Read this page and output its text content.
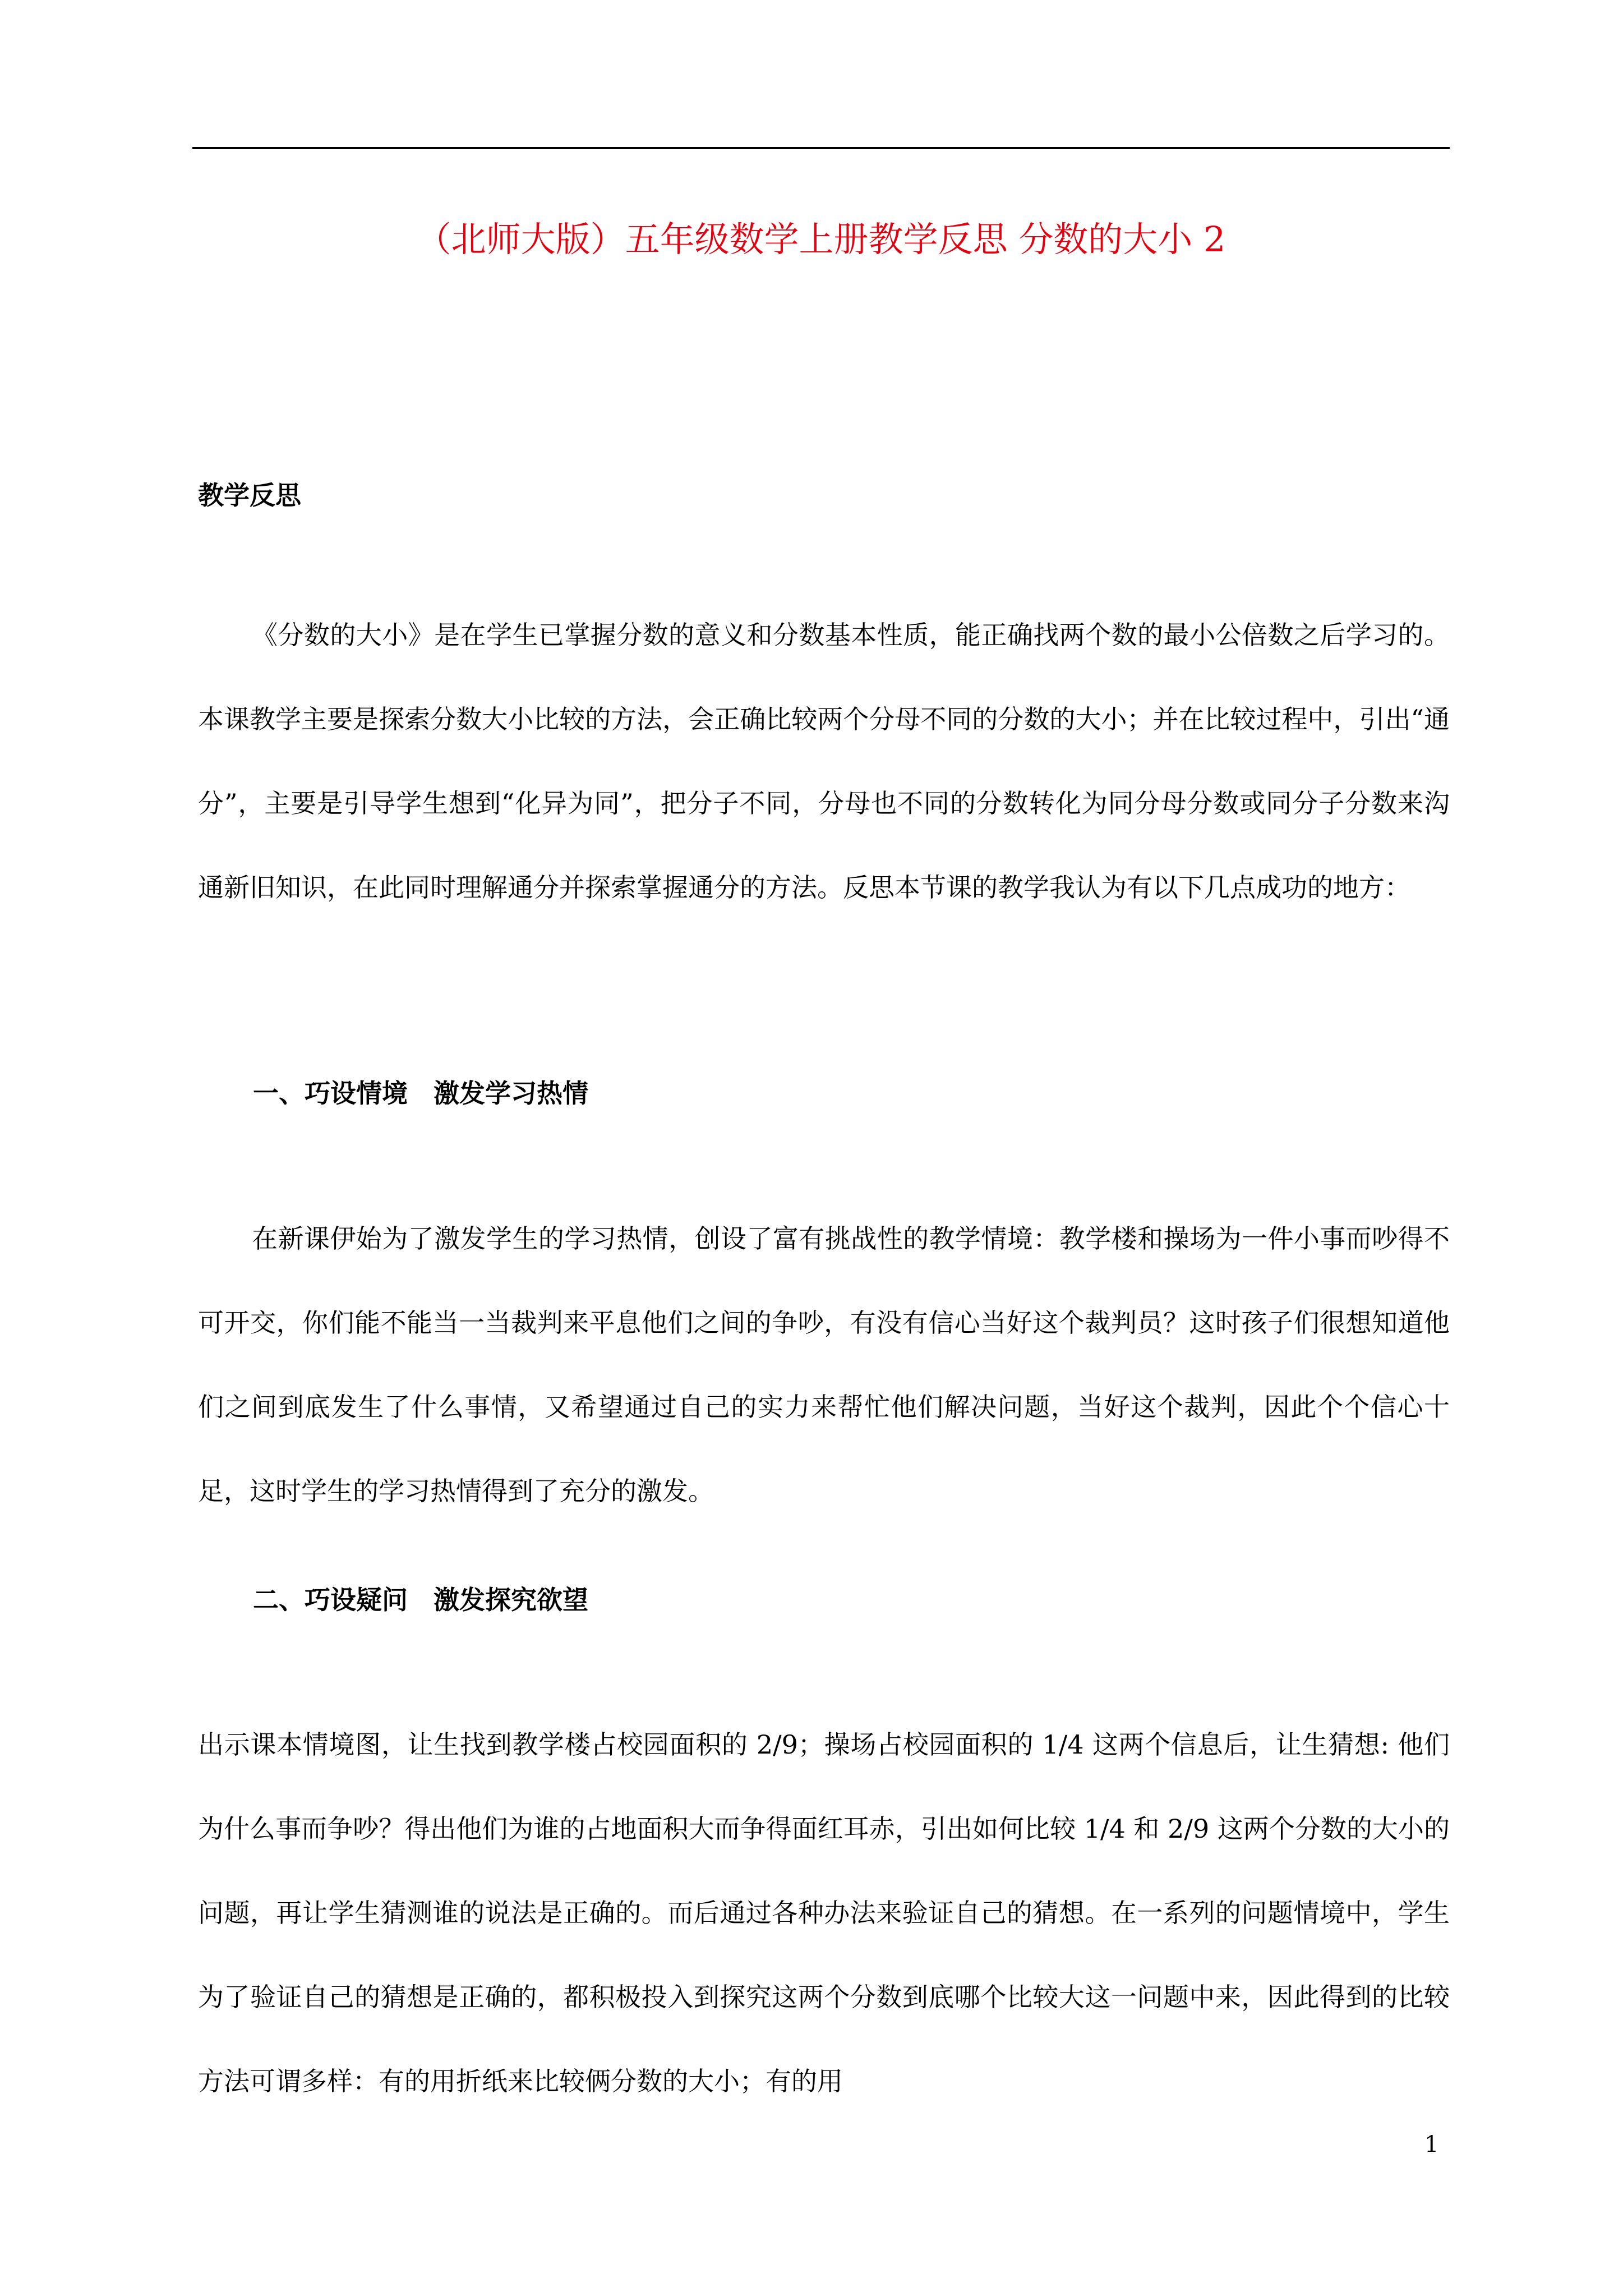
（北师大版）五年级数学上册教学反思 分数的大小 2
教学反思

《分数的大小》是在学生已掌握分数的意义和分数基本性质，能正确找两个数的最小公倍数之后学习的。本课教学主要是探索分数大小比较的方法，会正确比较两个分母不同的分数的大小；并在比较过程中，引出“通分”，主要是引导学生想到“化异为同”，把分子不同，分母也不同的分数转化为同分母分数或同分子分数来沟通新旧知识，在此同时理解通分并探索掌握通分的方法。反思本节课的教学我认为有以下几点成功的地方：

一、巧设情境　激发学习热情

在新课伊始为了激发学生的学习热情，创设了富有挑战性的教学情境：教学楼和操场为一件小事而吵得不可开交，你们能不能当一当裁判来平息他们之间的争吵，有没有信心当好这个裁判员？这时孩子们很想知道他们之间到底发生了什么事情，又希望通过自己的实力来帮忙他们解决问题，当好这个裁判，因此个个信心十足，这时学生的学习热情得到了充分的激发。

二、巧设疑问　激发探究欲望

出示课本情境图，让生找到教学楼占校园面积的 2/9；操场占校园面积的 1/4 这两个信息后，让生猜想: 他们为什么事而争吵？得出他们为谁的占地面积大而争得面红耳赤，引出如何比较 1/4 和 2/9 这两个分数的大小的问题，再让学生猜测谁的说法是正确的。而后通过各种办法来验证自己的猜想。在一系列的问题情境中，学生为了验证自己的猜想是正确的，都积极投入到探究这两个分数到底哪个比较大这一问题中来，因此得到的比较方法可谓多样：有的用折纸来比较俩分数的大小；有的用

1
